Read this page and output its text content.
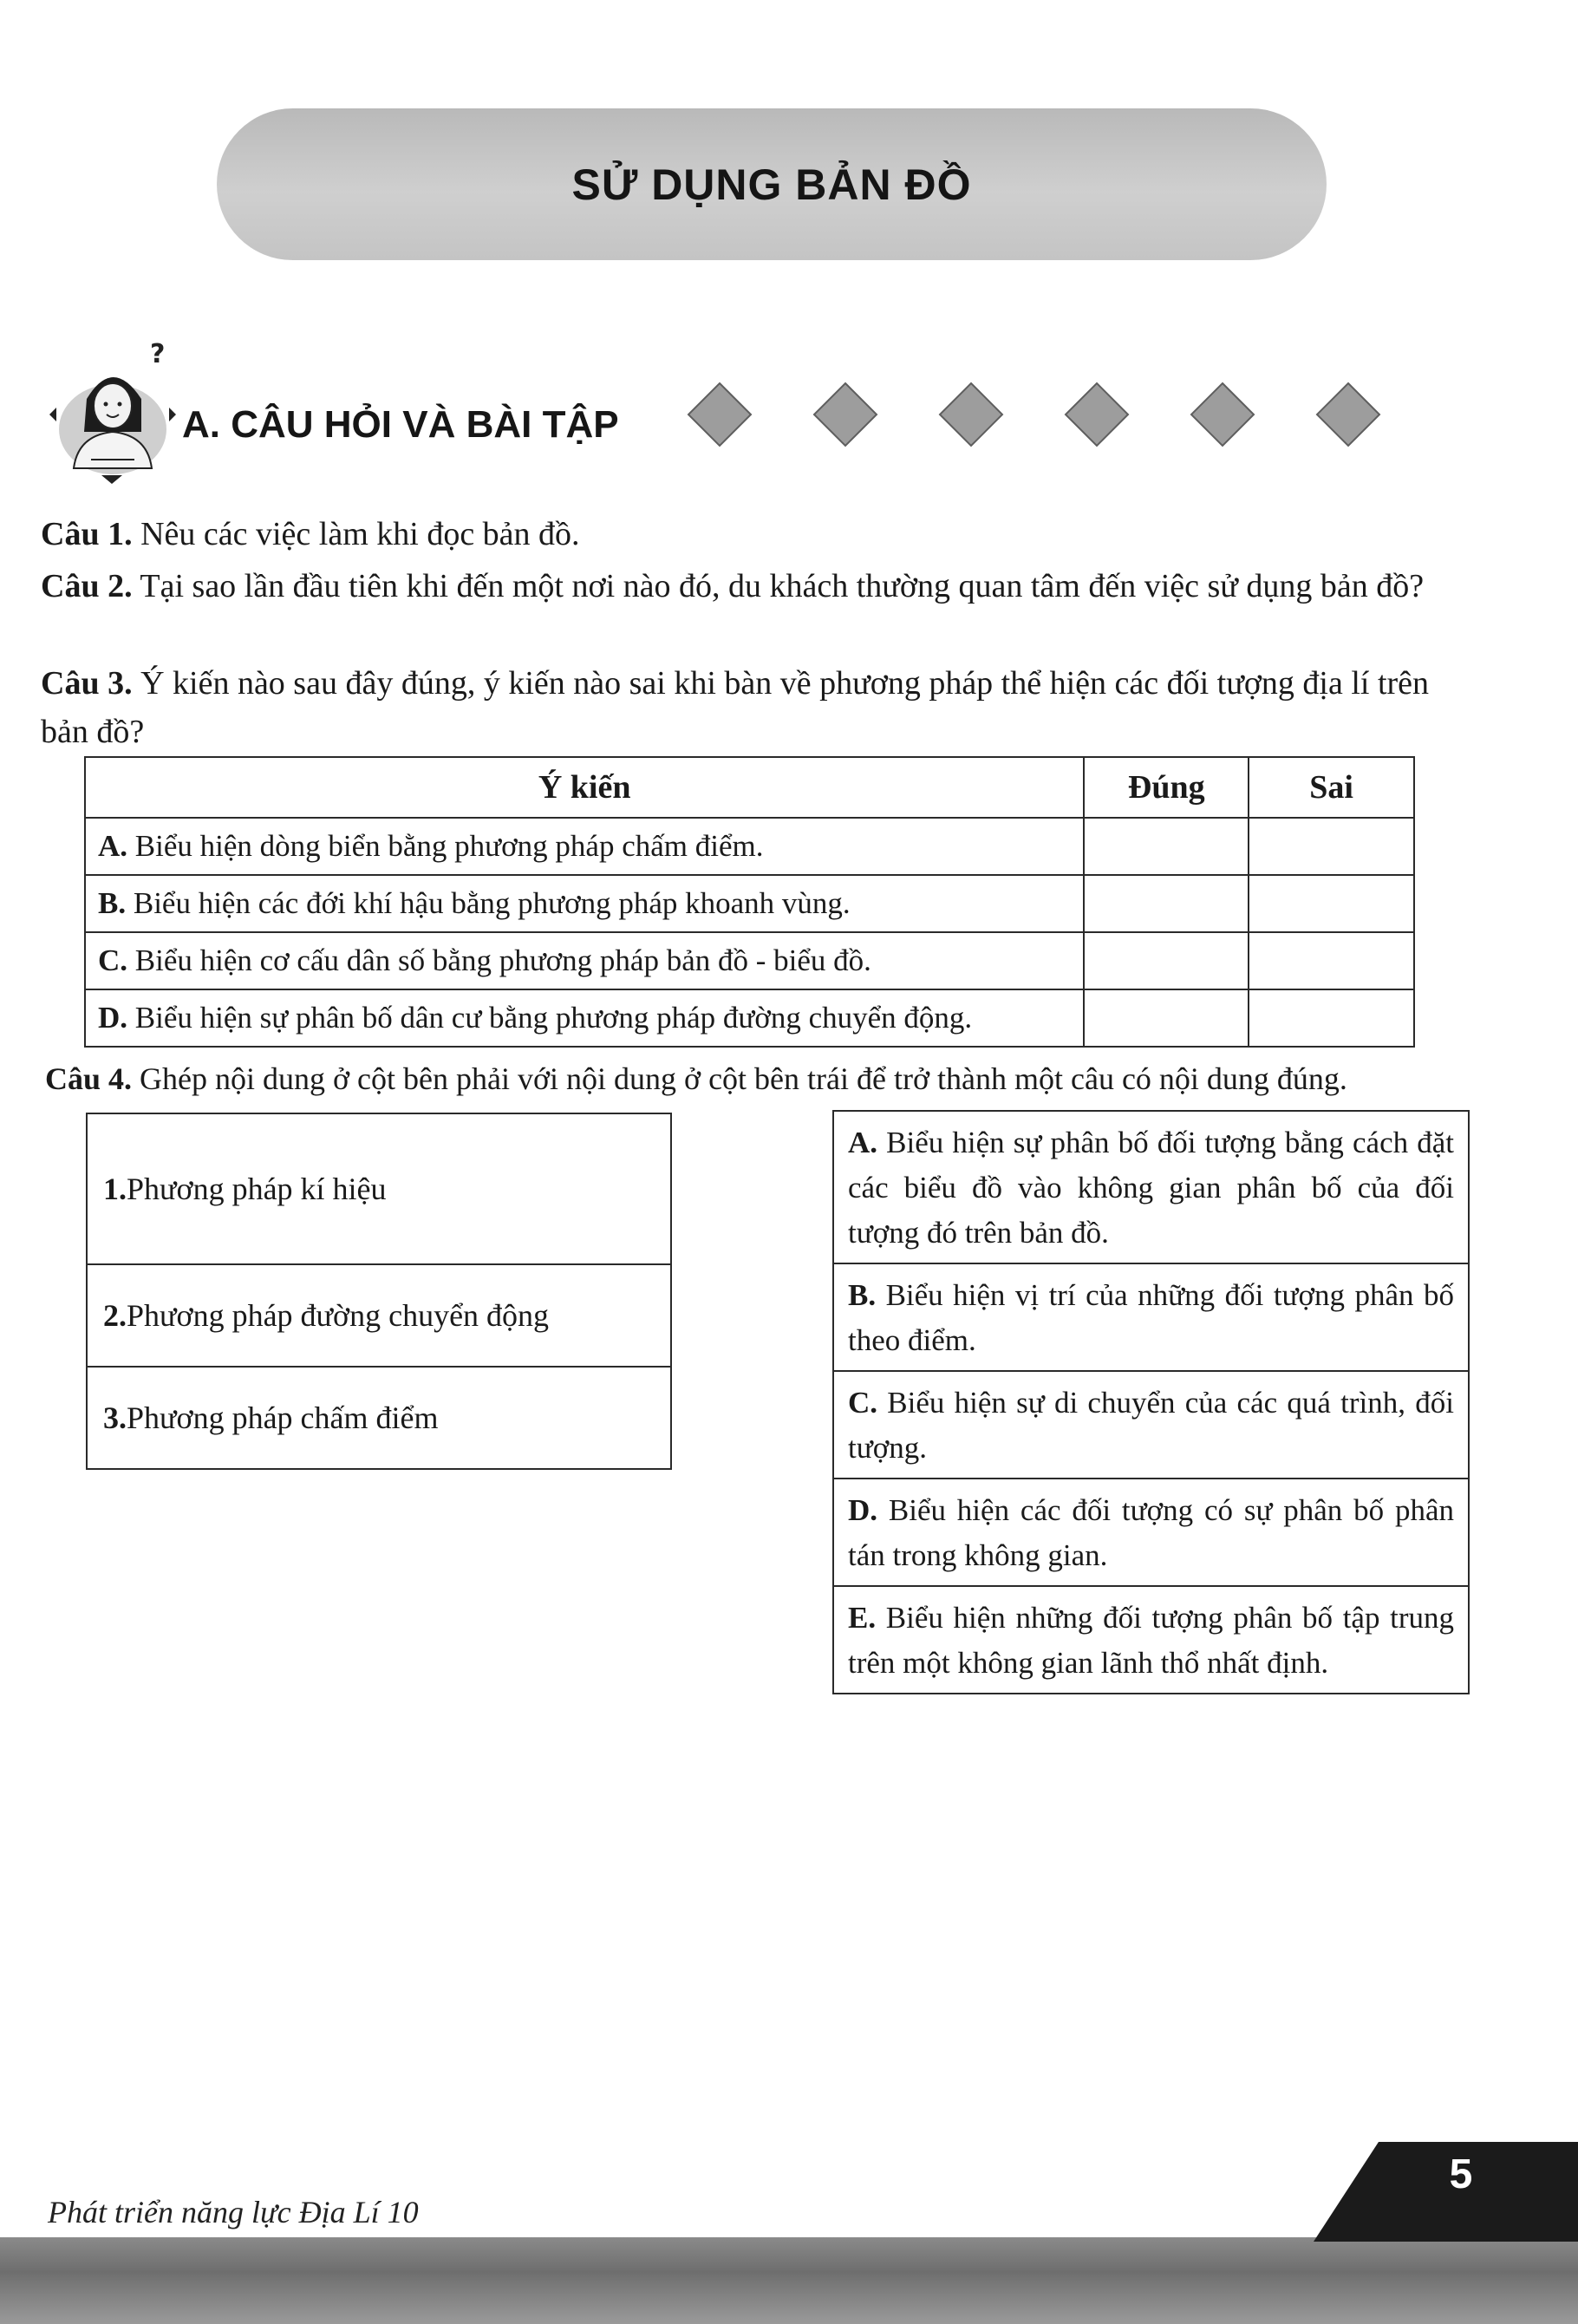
SỬ DỤNG BẢN ĐỒ
?
A. CÂU HỎI VÀ BÀI TẬP
Câu 1. Nêu các việc làm khi đọc bản đồ.
Câu 2. Tại sao lần đầu tiên khi đến một nơi nào đó, du khách thường quan tâm đến việc sử dụng bản đồ?
Câu 3. Ý kiến nào sau đây đúng, ý kiến nào sai khi bàn về phương pháp thể hiện các đối tượng địa lí trên bản đồ?
Ý kiến	Đúng	Sai
A. Biểu hiện dòng biển bằng phương pháp chấm điểm.		
B. Biểu hiện các đới khí hậu bằng phương pháp khoanh vùng.		
C. Biểu hiện cơ cấu dân số bằng phương pháp bản đồ - biểu đồ.		
D. Biểu hiện sự phân bố dân cư bằng phương pháp đường chuyển động.		
Câu 4. Ghép nội dung ở cột bên phải với nội dung ở cột bên trái để trở thành một câu có nội dung đúng.
1. Phương pháp kí hiệu
2. Phương pháp đường chuyển động
3. Phương pháp chấm điểm
A. Biểu hiện sự phân bố đối tượng bằng cách đặt các biểu đồ vào không gian phân bố của đối tượng đó trên bản đồ.
B. Biểu hiện vị trí của những đối tượng phân bố theo điểm.
C. Biểu hiện sự di chuyển của các quá trình, đối tượng.
D. Biểu hiện các đối tượng có sự phân bố phân tán trong không gian.
E. Biểu hiện những đối tượng phân bố tập trung trên một không gian lãnh thổ nhất định.
Phát triển năng lực Địa Lí 10
5
